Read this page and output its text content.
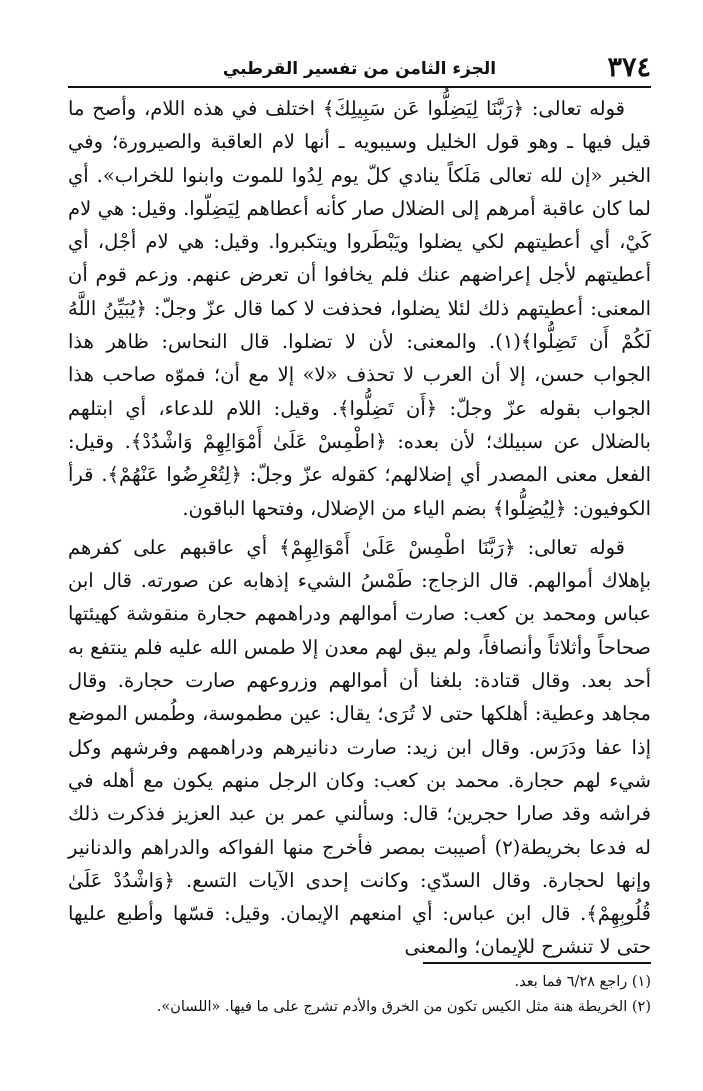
٣٧٤
الجزء الثامن من تفسير القرطبي

قوله تعالى: ﴿رَبَّنَا لِيَضِلُّوا عَن سَبِيلِكَ﴾ اختلف في هذه اللام، وأصح ما قيل فيها ـ وهو قول الخليل وسيبويه ـ أنها لام العاقبة والصيرورة؛ وفي الخبر «إن لله تعالى مَلَكاً ينادي كلّ يوم لِدُوا للموت وابنوا للخراب». أي لما كان عاقبة أمرهم إلى الضلال صار كأنه أعطاهم لِيَضِلّوا. وقيل: هي لام كَيْ، أي أعطيتهم لكي يضلوا ويَبْطَروا ويتكبروا. وقيل: هي لام أجْل، أي أعطيتهم لأجل إعراضهم عنك فلم يخافوا أن تعرض عنهم. وزعم قوم أن المعنى: أعطيتهم ذلك لئلا يضلوا، فحذفت لا كما قال عزّ وجلّ: ﴿يُبَيِّنُ اللَّهُ لَكُمْ أَن تَضِلُّوا﴾(١). والمعنى: لأن لا تضلوا. قال النحاس: ظاهر هذا الجواب حسن، إلا أن العرب لا تحذف «لا» إلا مع أن؛ فموّه صاحب هذا الجواب بقوله عزّ وجلّ: ﴿أَن تَضِلُّوا﴾. وقيل: اللام للدعاء، أي ابتلهم بالضلال عن سبيلك؛ لأن بعده: ﴿اطْمِسْ عَلَىٰ أَمْوَالِهِمْ وَاشْدُدْ﴾. وقيل: الفعل معنى المصدر أي إضلالهم؛ كقوله عزّ وجلّ: ﴿لِتُعْرِضُوا عَنْهُمْ﴾. قرأ الكوفيون: ﴿لِيُضِلُّوا﴾ بضم الياء من الإضلال، وفتحها الباقون.

قوله تعالى: ﴿رَبَّنَا اطْمِسْ عَلَىٰ أَمْوَالِهِمْ﴾ أي عاقبهم على كفرهم بإهلاك أموالهم. قال الزجاج: طَمْسُ الشيء إذهابه عن صورته. قال ابن عباس ومحمد بن كعب: صارت أموالهم ودراهمهم حجارة منقوشة كهيئتها صحاحاً وأثلاثاً وأنصافاً، ولم يبق لهم معدن إلا طمس الله عليه فلم ينتفع به أحد بعد. وقال قتادة: بلغنا أن أموالهم وزروعهم صارت حجارة. وقال مجاهد وعطية: أهلكها حتى لا تُرَى؛ يقال: عين مطموسة، وطُمس الموضع إذا عفا ودَرَس. وقال ابن زيد: صارت دنانيرهم ودراهمهم وفرشهم وكل شيء لهم حجارة. محمد بن كعب: وكان الرجل منهم يكون مع أهله في فراشه وقد صارا حجرين؛ قال: وسألني عمر بن عبد العزيز فذكرت ذلك له فدعا بخريطة(٢) أصيبت بمصر فأخرج منها الفواكه والدراهم والدنانير وإنها لحجارة. وقال السدّي: وكانت إحدى الآيات التسع. ﴿وَاشْدُدْ عَلَىٰ قُلُوبِهِمْ﴾. قال ابن عباس: أي امنعهم الإيمان. وقيل: قسّها وأطبع عليها حتى لا تنشرح للإيمان؛ والمعنى

(١) راجع ٦/٢٨ فما بعد.

(٢) الخريطة هنة مثل الكيس تكون من الخرق والأدم تشرج على ما فيها. «اللسان».
